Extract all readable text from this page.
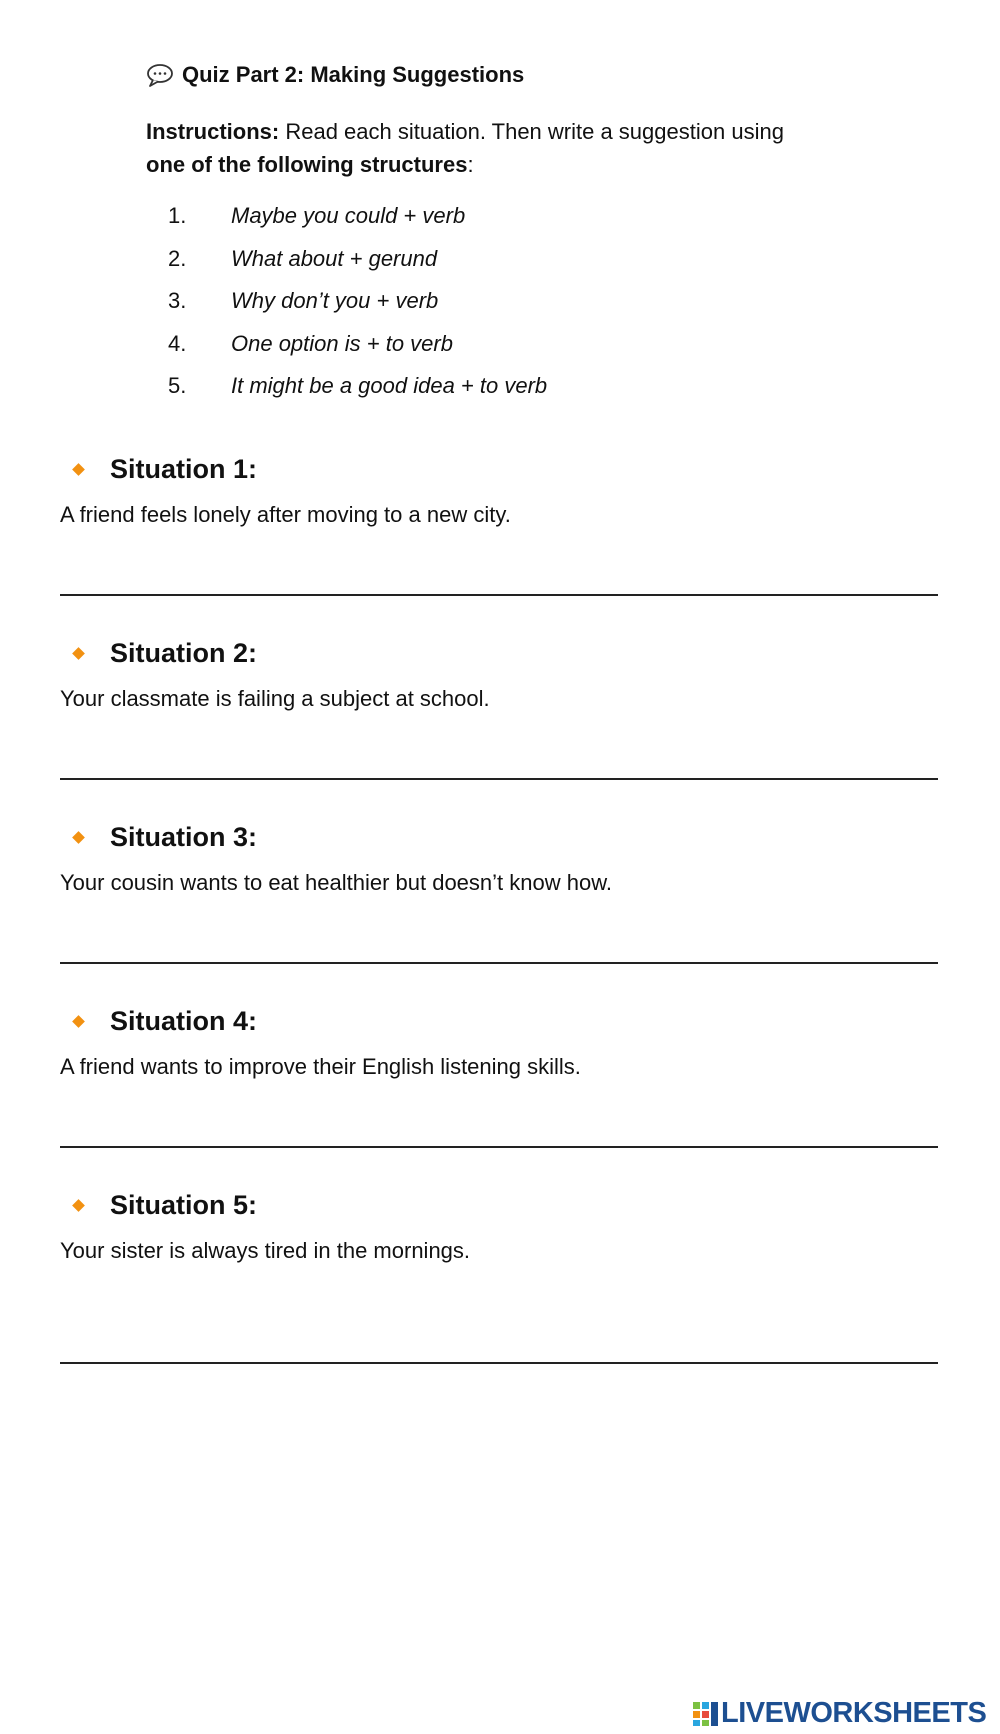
Quiz Part 2: Making Suggestions
Instructions: Read each situation. Then write a suggestion using
one of the following structures:
1.	Maybe you could + verb
2.	What about + gerund
3.	Why don’t you + verb
4.	One option is + to verb
5.	It might be a good idea + to verb
Situation 1:
A friend feels lonely after moving to a new city.
Situation 2:
Your classmate is failing a subject at school.
Situation 3:
Your cousin wants to eat healthier but doesn’t know how.
Situation 4:
A friend wants to improve their English listening skills.
Situation 5:
Your sister is always tired in the mornings.
LIVEWORKSHEETS
